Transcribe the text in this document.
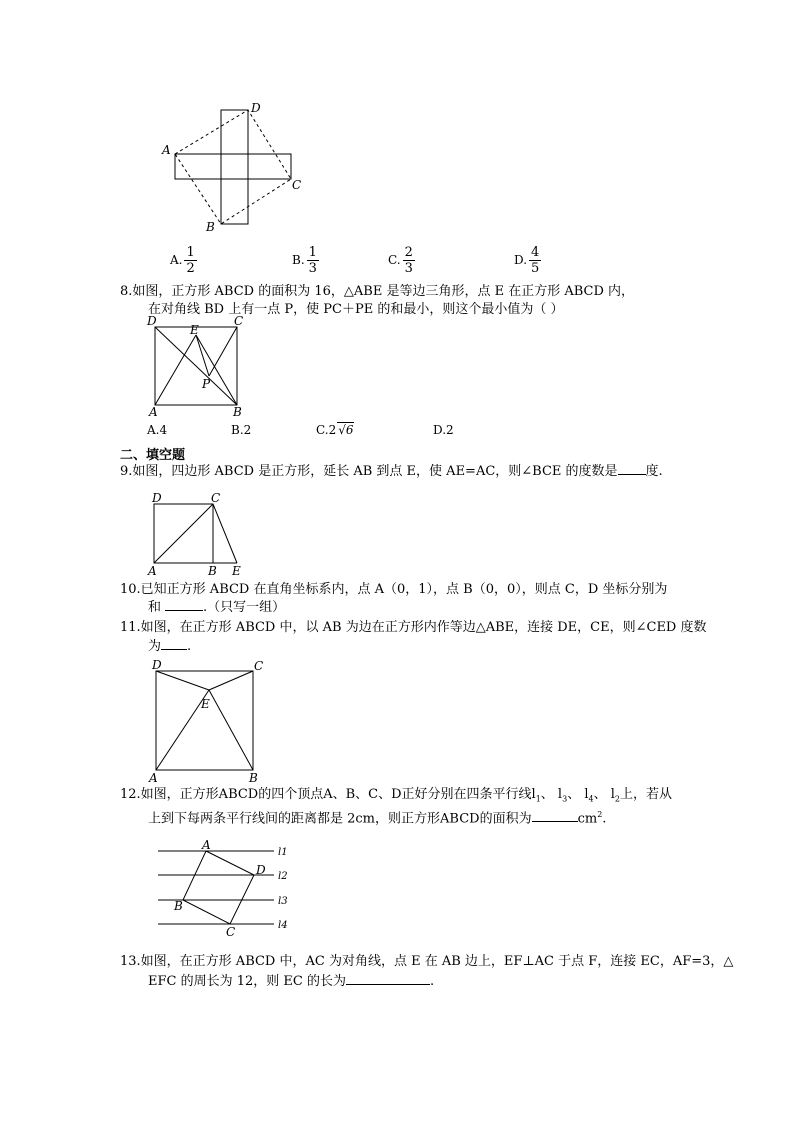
D
A
C
B
A. $\frac{1}{2}$	B. $\frac{1}{3}$	C. $\frac{2}{3}$	D. $\frac{4}{5}$
8.如图，正方形 ABCD 的面积为 16，△ABE 是等边三角形，点 E 在正方形 ABCD 内，
在对角线 BD 上有一点 P，使 PC＋PE 的和最小，则这个最小值为（ ）
D
E
C
P
A	B
A.4	B.2	C.2 √6	D.2
二、填空题
9.如图，四边形 ABCD 是正方形，延长 AB 到点 E，使 AE=AC，则∠BCE 的度数是 度.
D	C
A	B E
10.已知正方形 ABCD 在直角坐标系内，点 A（0，1），点 B（0，0），则点 C，D 坐标分别为
和	.（只写一组）
11.如图，在正方形 ABCD 中，以 AB 为边在正方形内作等边△ABE，连接 DE，CE，则∠CED 度数
为 .
D	C
E
A	B
12.如图，正方形ABCD的四个顶点A、B、C、D正好分别在四条平行线$l_1$、 $l_3$、 $l_4$、 $l_2$上，若从
上到下每两条平行线间的距离都是 2cm，则正方形ABCD的面积为	$cm^2$.
A
D
B
C
l1
l2
l3
l4
13.如图，在正方形 ABCD 中，AC 为对角线，点 E 在 AB 边上，EF⊥AC 于点 F，连接 EC，AF=3，△
EFC 的周长为 12，则 EC 的长为	.
